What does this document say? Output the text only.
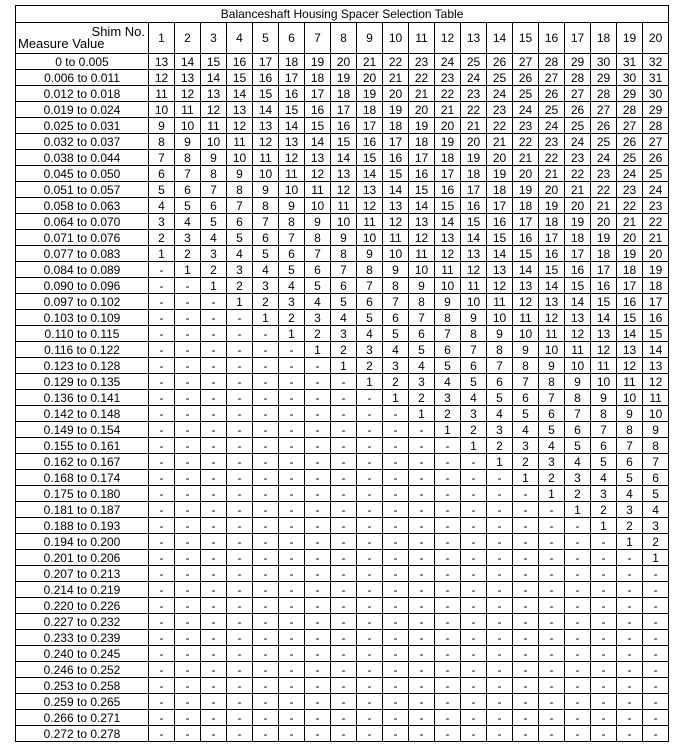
Balanceshaft Housing Spacer Selection Table																				

Shim No.
Measure Value	1	2	3	4	5	6	7	8	9	10	11	12	13	14	15	16	17	18	19	20
0 to 0.005	13	14	15	16	17	18	19	20	21	22	23	24	25	26	27	28	29	30	31	32
0.006 to 0.011	12	13	14	15	16	17	18	19	20	21	22	23	24	25	26	27	28	29	30	31
0.012 to 0.018	11	12	13	14	15	16	17	18	19	20	21	22	23	24	25	26	27	28	29	30
0.019 to 0.024	10	11	12	13	14	15	16	17	18	19	20	21	22	23	24	25	26	27	28	29
0.025 to 0.031	9	10	11	12	13	14	15	16	17	18	19	20	21	22	23	24	25	26	27	28
0.032 to 0.037	8	9	10	11	12	13	14	15	16	17	18	19	20	21	22	23	24	25	26	27
0.038 to 0.044	7	8	9	10	11	12	13	14	15	16	17	18	19	20	21	22	23	24	25	26
0.045 to 0.050	6	7	8	9	10	11	12	13	14	15	16	17	18	19	20	21	22	23	24	25
0.051 to 0.057	5	6	7	8	9	10	11	12	13	14	15	16	17	18	19	20	21	22	23	24
0.058 to 0.063	4	5	6	7	8	9	10	11	12	13	14	15	16	17	18	19	20	21	22	23
0.064 to 0.070	3	4	5	6	7	8	9	10	11	12	13	14	15	16	17	18	19	20	21	22
0.071 to 0.076	2	3	4	5	6	7	8	9	10	11	12	13	14	15	16	17	18	19	20	21
0.077 to 0.083	1	2	3	4	5	6	7	8	9	10	11	12	13	14	15	16	17	18	19	20
0.084 to 0.089	-	1	2	3	4	5	6	7	8	9	10	11	12	13	14	15	16	17	18	19
0.090 to 0.096	-	-	1	2	3	4	5	6	7	8	9	10	11	12	13	14	15	16	17	18
0.097 to 0.102	-	-	-	1	2	3	4	5	6	7	8	9	10	11	12	13	14	15	16	17
0.103 to 0.109	-	-	-	-	1	2	3	4	5	6	7	8	9	10	11	12	13	14	15	16
0.110 to 0.115	-	-	-	-	-	1	2	3	4	5	6	7	8	9	10	11	12	13	14	15
0.116 to 0.122	-	-	-	-	-	-	1	2	3	4	5	6	7	8	9	10	11	12	13	14
0.123 to 0.128	-	-	-	-	-	-	-	1	2	3	4	5	6	7	8	9	10	11	12	13
0.129 to 0.135	-	-	-	-	-	-	-	-	1	2	3	4	5	6	7	8	9	10	11	12
0.136 to 0.141	-	-	-	-	-	-	-	-	-	1	2	3	4	5	6	7	8	9	10	11
0.142 to 0.148	-	-	-	-	-	-	-	-	-	-	1	2	3	4	5	6	7	8	9	10
0.149 to 0.154	-	-	-	-	-	-	-	-	-	-	-	1	2	3	4	5	6	7	8	9
0.155 to 0.161	-	-	-	-	-	-	-	-	-	-	-	-	1	2	3	4	5	6	7	8
0.162 to 0.167	-	-	-	-	-	-	-	-	-	-	-	-	-	1	2	3	4	5	6	7
0.168 to 0.174	-	-	-	-	-	-	-	-	-	-	-	-	-	-	1	2	3	4	5	6
0.175 to 0.180	-	-	-	-	-	-	-	-	-	-	-	-	-	-	-	1	2	3	4	5
0.181 to 0.187	-	-	-	-	-	-	-	-	-	-	-	-	-	-	-	-	1	2	3	4
0.188 to 0.193	-	-	-	-	-	-	-	-	-	-	-	-	-	-	-	-	-	1	2	3
0.194 to 0.200	-	-	-	-	-	-	-	-	-	-	-	-	-	-	-	-	-	-	1	2
0.201 to 0.206	-	-	-	-	-	-	-	-	-	-	-	-	-	-	-	-	-	-	-	1
0.207 to 0.213	-	-	-	-	-	-	-	-	-	-	-	-	-	-	-	-	-	-	-	-
0.214 to 0.219	-	-	-	-	-	-	-	-	-	-	-	-	-	-	-	-	-	-	-	-
0.220 to 0.226	-	-	-	-	-	-	-	-	-	-	-	-	-	-	-	-	-	-	-	-
0.227 to 0.232	-	-	-	-	-	-	-	-	-	-	-	-	-	-	-	-	-	-	-	-
0.233 to 0.239	-	-	-	-	-	-	-	-	-	-	-	-	-	-	-	-	-	-	-	-
0.240 to 0.245	-	-	-	-	-	-	-	-	-	-	-	-	-	-	-	-	-	-	-	-
0.246 to 0.252	-	-	-	-	-	-	-	-	-	-	-	-	-	-	-	-	-	-	-	-
0.253 to 0.258	-	-	-	-	-	-	-	-	-	-	-	-	-	-	-	-	-	-	-	-
0.259 to 0.265	-	-	-	-	-	-	-	-	-	-	-	-	-	-	-	-	-	-	-	-
0.266 to 0.271	-	-	-	-	-	-	-	-	-	-	-	-	-	-	-	-	-	-	-	-
0.272 to 0.278	-	-	-	-	-	-	-	-	-	-	-	-	-	-	-	-	-	-	-	-
